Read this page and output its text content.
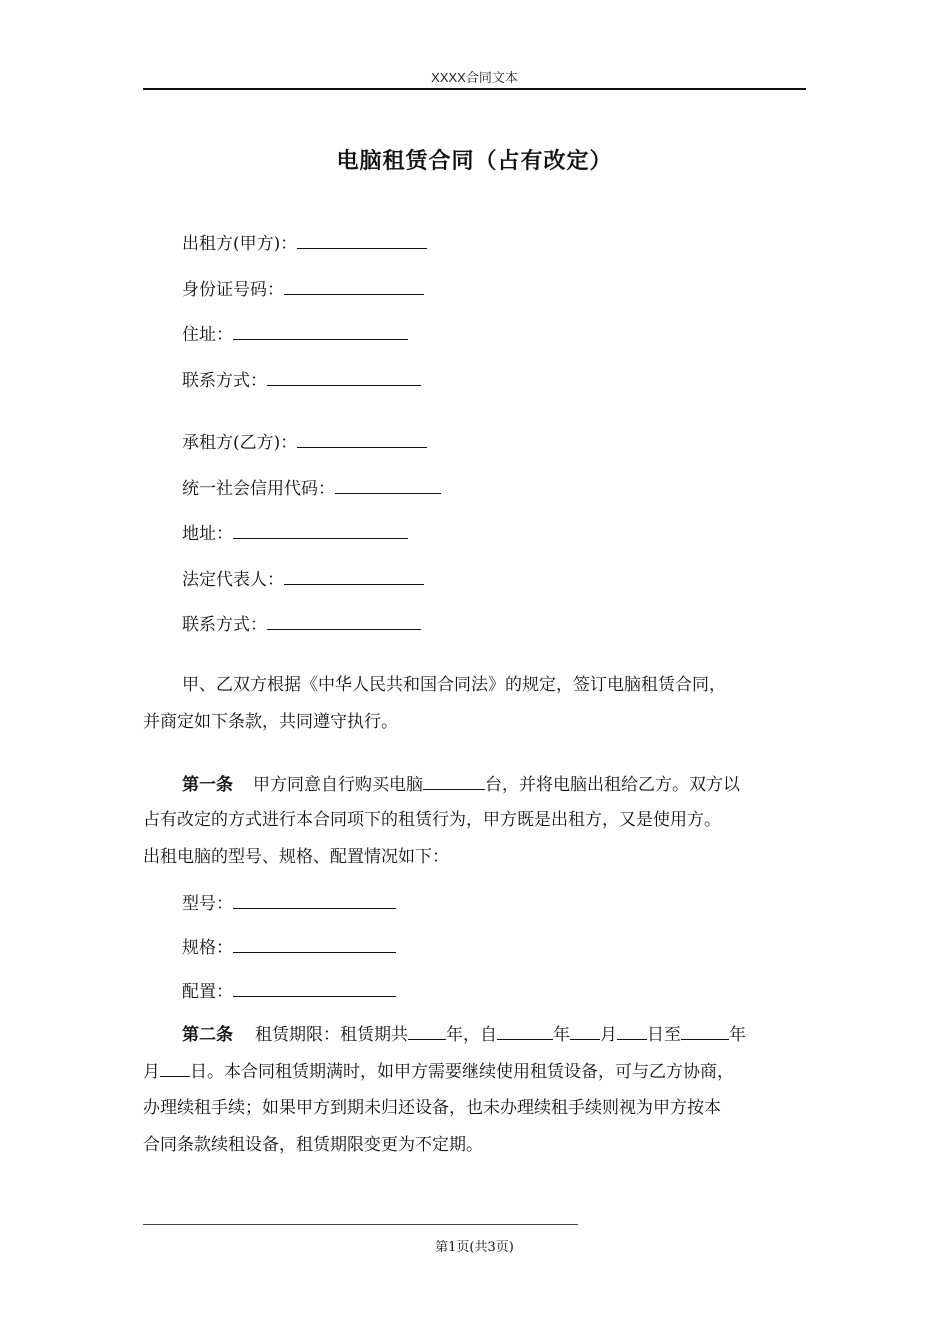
XXXX合同文本
电脑租赁合同（占有改定）
出租方(甲方)：
身份证号码：
住址：
联系方式：
承租方(乙方)：
统一社会信用代码：
地址：
法定代表人：
联系方式：
甲、乙双方根据《中华人民共和国合同法》的规定，签订电脑租赁合同，
并商定如下条款，共同遵守执行。
第一条 甲方同意自行购买电脑	台，并将电脑出租给乙方。双方以
占有改定的方式进行本合同项下的租赁行为，甲方既是出租方，又是使用方。
出租电脑的型号、规格、配置情况如下：
型号：
规格：
配置：
第二条 租赁期限：租赁期共 年，自	年 月 日至	年
月 日。本合同租赁期满时，如甲方需要继续使用租赁设备，可与乙方协商，
办理续租手续；如果甲方到期未归还设备，也未办理续租手续则视为甲方按本
合同条款续租设备，租赁期限变更为不定期。
第1页(共3页)
